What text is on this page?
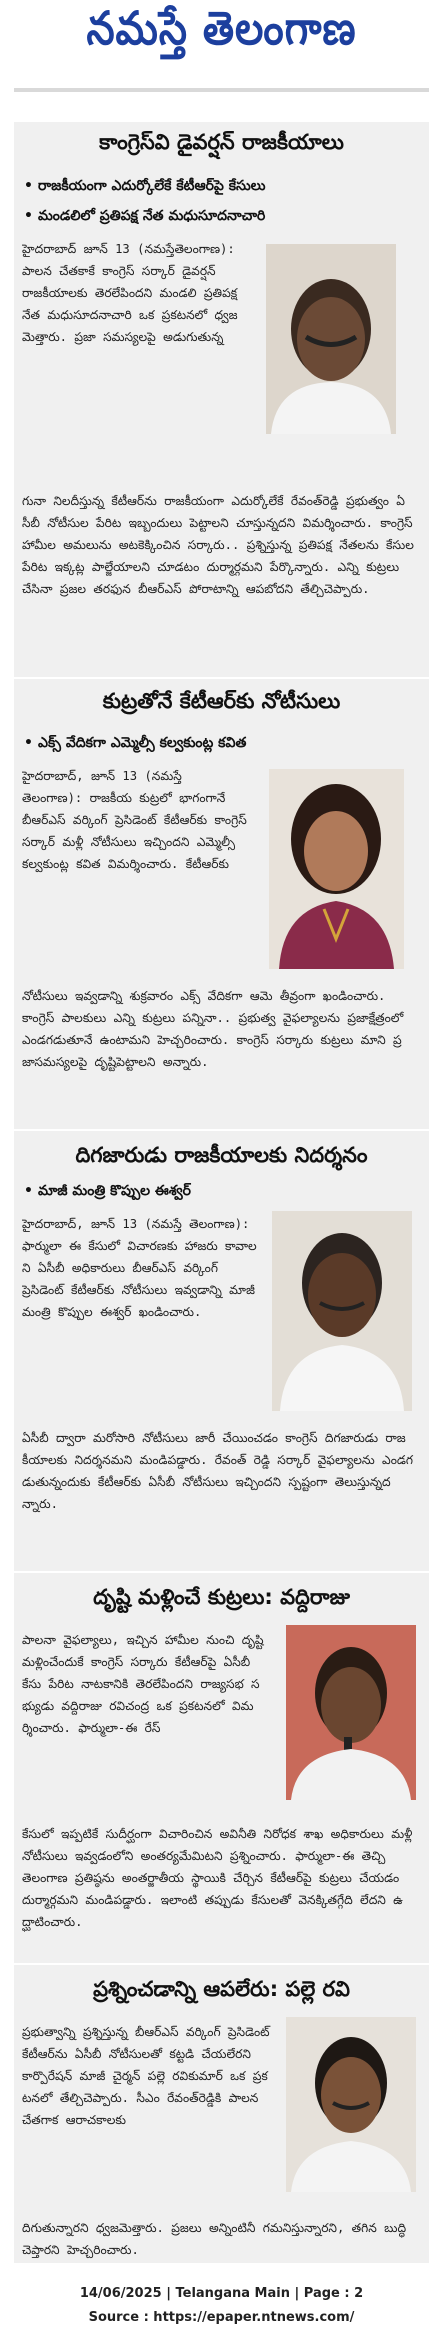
నమస్తే తెలంగాణ
కాంగ్రెస్‌వి డైవర్షన్ రాజకీయాలు
• రాజకీయంగా ఎదుర్కోలేకే కేటీఆర్‌పై కేసులు
• మండలిలో ప్రతిపక్ష నేత మధుసూదనాచారి
హైదరాబాద్ జూన్ 13 (నమస్తేతెలంగాణ): పాలన చేతకాకే కాంగ్రెస్ సర్కార్ డైవర్షన్ రాజకీయాలకు తెరలేపిందని మండలి ప్రతిపక్ష నేత మధుసూదనాచారి ఒక ప్రకటనలో ధ్వజమెత్తారు. ప్రజా సమస్యలపై అడుగుతున్న
గునా నిలదీస్తున్న కేటీఆర్‌ను రాజకీయంగా ఎదుర్కోలేకే రేవంత్‌రెడ్డి ప్రభుత్వం ఏసీబీ నోటీసుల పేరిట ఇబ్బందులు పెట్టాలని చూస్తున్నదని విమర్శించారు. కాంగ్రెస్ హామీల అమలును అటకెక్కించిన సర్కారు.. ప్రశ్నిస్తున్న ప్రతిపక్ష నేతలను కేసుల పేరిట ఇక్కట్ల పాల్జేయాలని చూడటం దుర్మార్గమని పేర్కొన్నారు. ఎన్ని కుట్రలు చేసినా ప్రజల తరఫున బీఆర్ఎస్ పోరాటాన్ని ఆపబోదని తేల్చిచెప్పారు.
కుట్రతోనే కేటీఆర్‌కు నోటీసులు
• ఎక్స్ వేదికగా ఎమ్మెల్సీ కల్వకుంట్ల కవిత
హైదరాబాద్, జూన్ 13 (నమస్తే తెలంగాణ): రాజకీయ కుట్రలో భాగంగానే బీఆర్ఎస్ వర్కింగ్ ప్రెసిడెంట్ కేటీఆర్‌కు కాంగ్రెస్ సర్కార్ మళ్లీ నోటీసులు ఇచ్చిందని ఎమ్మెల్సీ కల్వకుంట్ల కవిత విమర్శించారు. కేటీఆర్‌కు
నోటీసులు ఇవ్వడాన్ని శుక్రవారం ఎక్స్ వేదికగా ఆమె తీవ్రంగా ఖండించారు. కాంగ్రెస్ పాలకులు ఎన్ని కుట్రలు పన్నినా.. ప్రభుత్వ వైఫల్యాలను ప్రజాక్షేత్రంలో ఎండగడుతూనే ఉంటామని హెచ్చరించారు. కాంగ్రెస్ సర్కారు కుట్రలు మాని ప్రజాసమస్యలపై దృష్టిపెట్టాలని అన్నారు.
దిగజారుడు రాజకీయాలకు నిదర్శనం
• మాజీ మంత్రి కొప్పుల ఈశ్వర్
హైదరాబాద్, జూన్ 13 (నమస్తే తెలంగాణ): ఫార్ములా ఈ కేసులో విచారణకు హాజరు కావాలని ఏసీబీ అధికారులు బీఆర్ఎస్ వర్కింగ్ ప్రెసిడెంట్ కేటీఆర్‌కు నోటీసులు ఇవ్వడాన్ని మాజీ మంత్రి కొప్పుల ఈశ్వర్ ఖండించారు.
ఏసీబీ ద్వారా మరోసారి నోటీసులు జారీ చేయించడం కాంగ్రెస్ దిగజారుడు రాజకీయాలకు నిదర్శనమని మండిపడ్డారు. రేవంత్ రెడ్డి సర్కార్ వైఫల్యాలను ఎండగడుతున్నందుకు కేటీఆర్‌కు ఏసీబీ నోటీసులు ఇచ్చిందని స్పష్టంగా తెలుస్తున్నదన్నారు.
దృష్టి మళ్లించే కుట్రలు: వద్దిరాజు
పాలనా వైఫల్యాలు, ఇచ్చిన హామీల నుంచి దృష్టి మళ్లించేందుకే కాంగ్రెస్ సర్కారు కేటీఆర్‌పై ఏసీబీ కేసు పేరిట నాటకానికి తెరలేపిందని రాజ్యసభ సభ్యుడు వద్దిరాజు రవిచంద్ర ఒక ప్రకటనలో విమర్శించారు. ఫార్ములా-ఈ రేస్
కేసులో ఇప్పటికే సుదీర్ఘంగా విచారించిన అవినీతి నిరోధక శాఖ అధికారులు మళ్లీ నోటీసులు ఇవ్వడంలోని అంతర్యమేమిటని ప్రశ్నించారు. ఫార్ములా-ఈ తెచ్చి తెలంగాణ ప్రతిష్ఠను అంతర్జాతీయ స్థాయికి చేర్చిన కేటీఆర్‌పై కుట్రలు చేయడం దుర్మార్గమని మండిపడ్డారు. ఇలాంటి తప్పుడు కేసులతో వెనక్కితగ్గేది లేదని ఉద్ఘాటించారు.
ప్రశ్నించడాన్ని ఆపలేరు: పల్లె రవి
ప్రభుత్వాన్ని ప్రశ్నిస్తున్న బీఆర్ఎస్ వర్కింగ్ ప్రెసిడెంట్ కేటీఆర్‌ను ఏసీబీ నోటీసులతో కట్టడి చేయలేరని కార్పొరేషన్ మాజీ చైర్మన్ పల్లె రవికుమార్ ఒక ప్రకటనలో తేల్చిచెప్పారు. సీఎం రేవంత్‌రెడ్డికి పాలన చేతగాక ఆరాచకాలకు
దిగుతున్నారని ధ్వజమెత్తారు. ప్రజలు అన్నింటినీ గమనిస్తున్నారని, తగిన బుద్ధి చెప్తారని హెచ్చరించారు.
14/06/2025 | Telangana Main | Page : 2
Source : https://epaper.ntnews.com/
